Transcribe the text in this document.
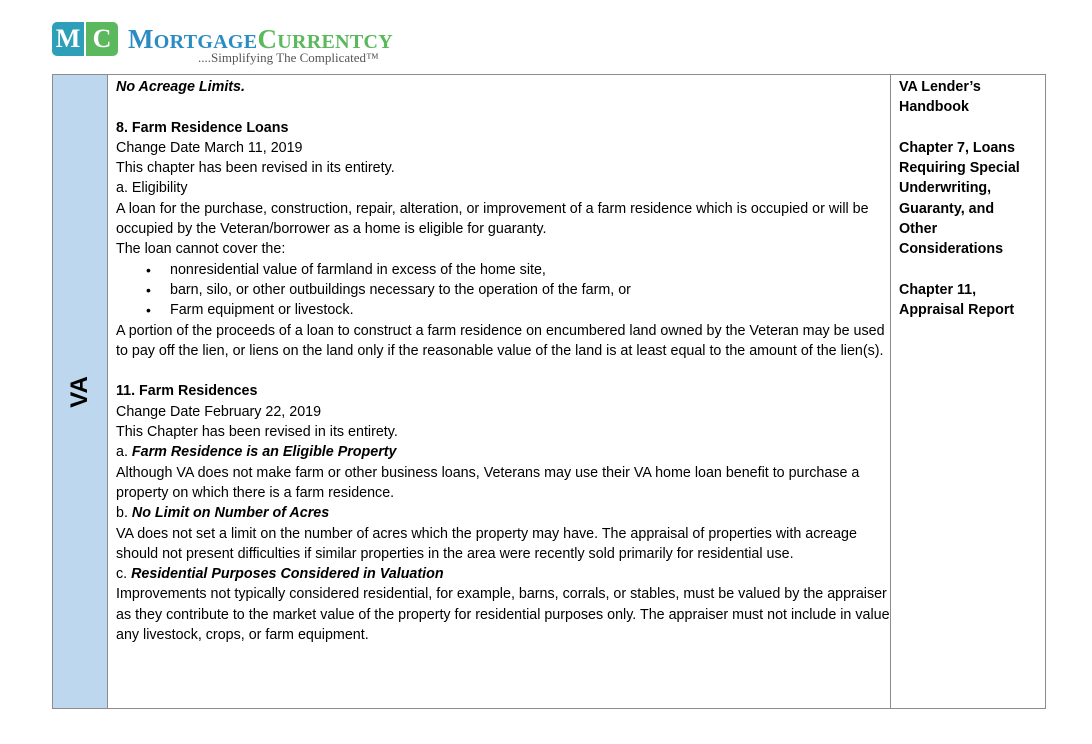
M C MORTGAGECURRENTCY
....Simplifying The Complicated™
VA

No Acreage Limits.

8. Farm Residence Loans

Change Date March 11, 2019

This chapter has been revised in its entirety.

a. Eligibility

A loan for the purchase, construction, repair, alteration, or improvement of a farm residence which is occupied or will be occupied by the Veteran/borrower as a home is eligible for guaranty.

The loan cannot cover the:

• nonresidential value of farmland in excess of the home site,
• barn, silo, or other outbuildings necessary to the operation of the farm, or
• Farm equipment or livestock.

A portion of the proceeds of a loan to construct a farm residence on encumbered land owned by the Veteran may be used to pay off the lien, or liens on the land only if the reasonable value of the land is at least equal to the amount of the lien(s).

11. Farm Residences

Change Date February 22, 2019

This Chapter has been revised in its entirety.

a. Farm Residence is an Eligible Property

Although VA does not make farm or other business loans, Veterans may use their VA home loan benefit to purchase a property on which there is a farm residence.

b. No Limit on Number of Acres

VA does not set a limit on the number of acres which the property may have. The appraisal of properties with acreage should not present difficulties if similar properties in the area were recently sold primarily for residential use.

c. Residential Purposes Considered in Valuation

Improvements not typically considered residential, for example, barns, corrals, or stables, must be valued by the appraiser as they contribute to the market value of the property for residential purposes only. The appraiser must not include in value any livestock, crops, or farm equipment.

VA Lender’s

Handbook

Chapter 7, Loans

Requiring Special

Underwriting,

Guaranty, and

Other

Considerations

Chapter 11,

Appraisal Report
